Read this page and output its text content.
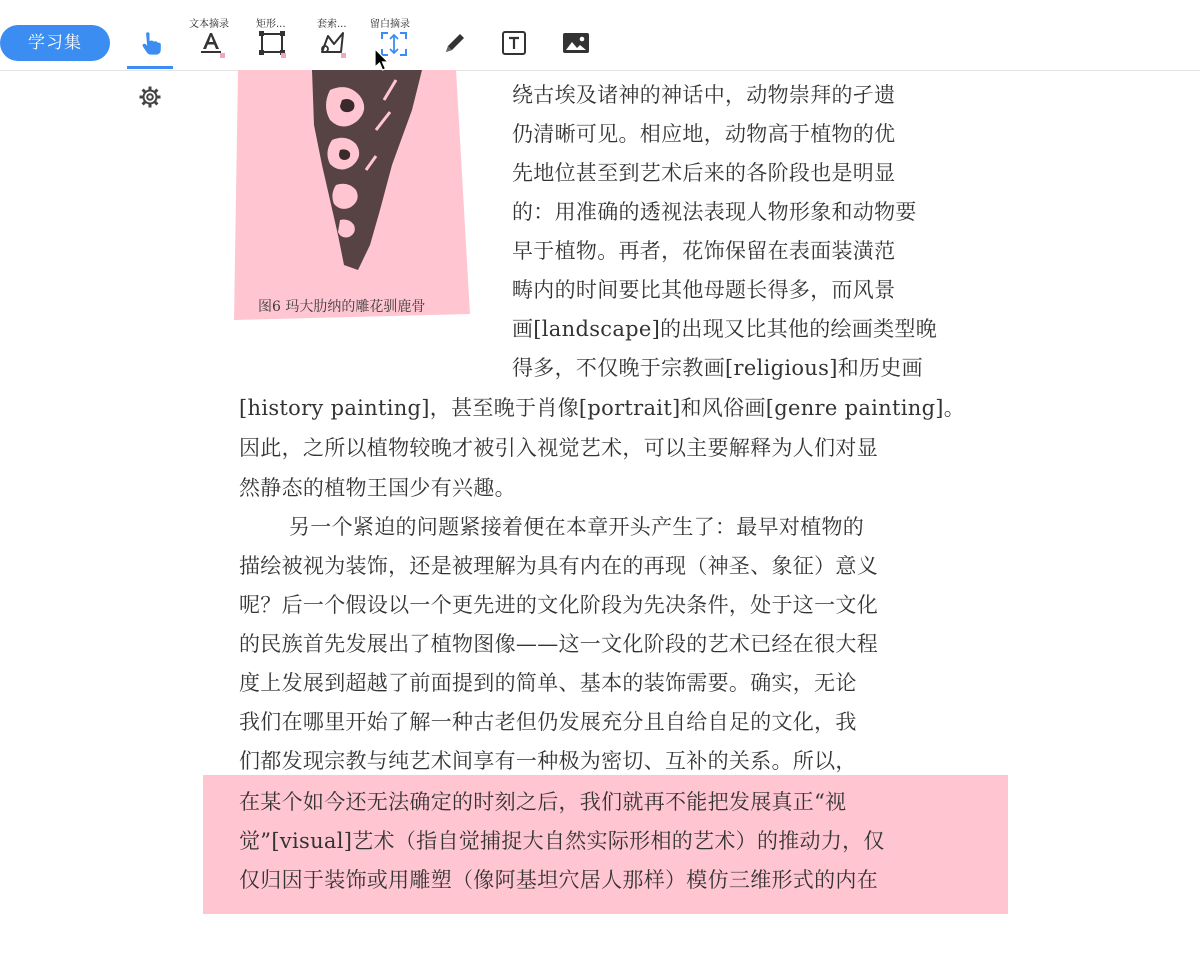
学习集
文本摘录	矩形...	套索... 留白摘录
图6 玛大肋纳的雕花驯鹿骨
绕古埃及诸神的神话中，动物崇拜的孑遗
仍清晰可见。相应地，动物高于植物的优
先地位甚至到艺术后来的各阶段也是明显
的：用准确的透视法表现人物形象和动物要
早于植物。再者，花饰保留在表面装潢范
畴内的时间要比其他母题长得多，而风景
画[landscape]的出现又比其他的绘画类型晚
得多，不仅晚于宗教画[religious]和历史画
[history painting]，甚至晚于肖像[portrait]和风俗画[genre painting]。
因此，之所以植物较晚才被引入视觉艺术，可以主要解释为人们对显
然静态的植物王国少有兴趣。
另一个紧迫的问题紧接着便在本章开头产生了：最早对植物的
描绘被视为装饰，还是被理解为具有内在的再现（神圣、象征）意义
呢？后一个假设以一个更先进的文化阶段为先决条件，处于这一文化
的民族首先发展出了植物图像——这一文化阶段的艺术已经在很大程
度上发展到超越了前面提到的简单、基本的装饰需要。确实，无论
我们在哪里开始了解一种古老但仍发展充分且自给自足的文化，我
们都发现宗教与纯艺术间享有一种极为密切、互补的关系。所以，
在某个如今还无法确定的时刻之后，我们就再不能把发展真正“视
觉”[visual]艺术（指自觉捕捉大自然实际形相的艺术）的推动力，仅
仅归因于装饰或用雕塑（像阿基坦穴居人那样）模仿三维形式的内在
